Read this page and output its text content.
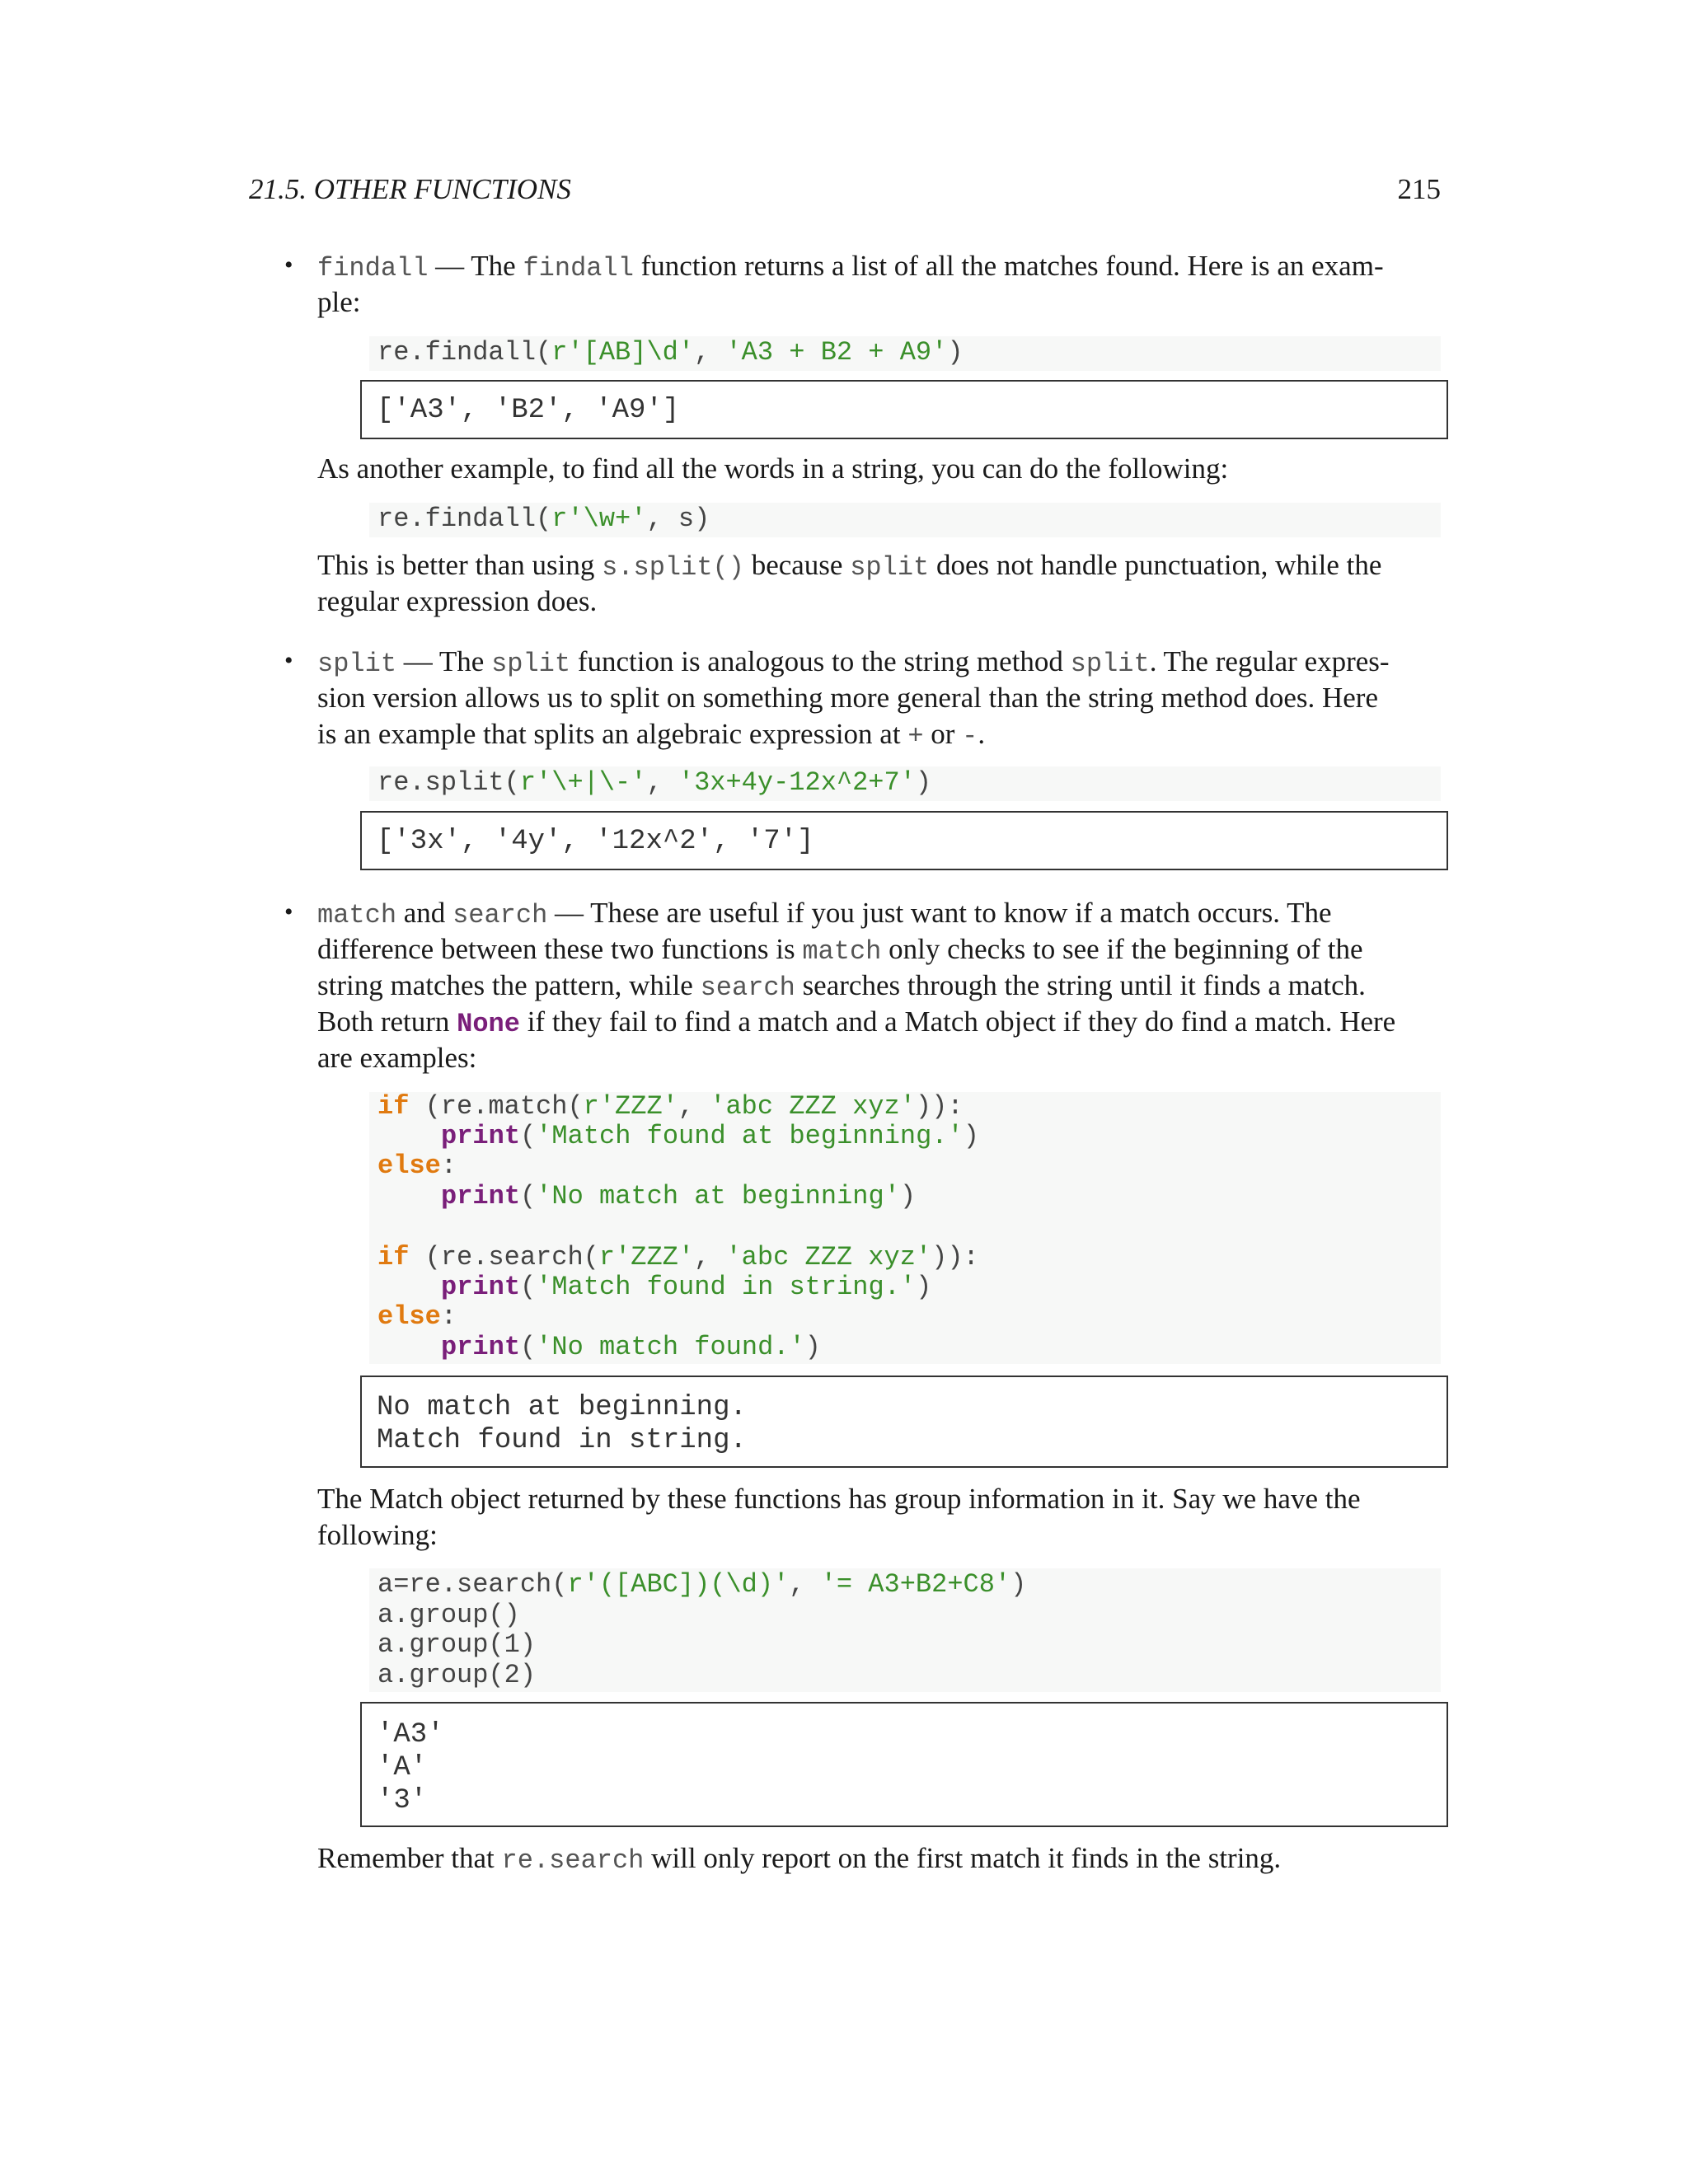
21.5. OTHER FUNCTIONS	215
• findall — The findall function returns a list of all the matches found. Here is an exam-
ple:
re.findall(r'[AB]\d', 'A3 + B2 + A9')
['A3', 'B2', 'A9']
As another example, to find all the words in a string, you can do the following:
re.findall(r'\w+', s)
This is better than using s.split() because split does not handle punctuation, while the
regular expression does.
• split — The split function is analogous to the string method split. The regular expres-
sion version allows us to split on something more general than the string method does. Here
is an example that splits an algebraic expression at + or -.
re.split(r'\+|\-', '3x+4y-12x^2+7')
['3x', '4y', '12x^2', '7']
• match and search — These are useful if you just want to know if a match occurs. The
difference between these two functions is match only checks to see if the beginning of the
string matches the pattern, while search searches through the string until it finds a match.
Both return None if they fail to find a match and a Match object if they do find a match. Here
are examples:
if (re.match(r'ZZZ', 'abc ZZZ xyz')):
print('Match found at beginning.')
else:
print('No match at beginning')
if (re.search(r'ZZZ', 'abc ZZZ xyz')):
print('Match found in string.')
else:
print('No match found.')
No match at beginning.
Match found in string.
The Match object returned by these functions has group information in it. Say we have the
following:
a=re.search(r'([ABC])(\d)', '= A3+B2+C8')
a.group()
a.group(1)
a.group(2)
'A3'
'A'
'3'
Remember that re.search will only report on the first match it finds in the string.
